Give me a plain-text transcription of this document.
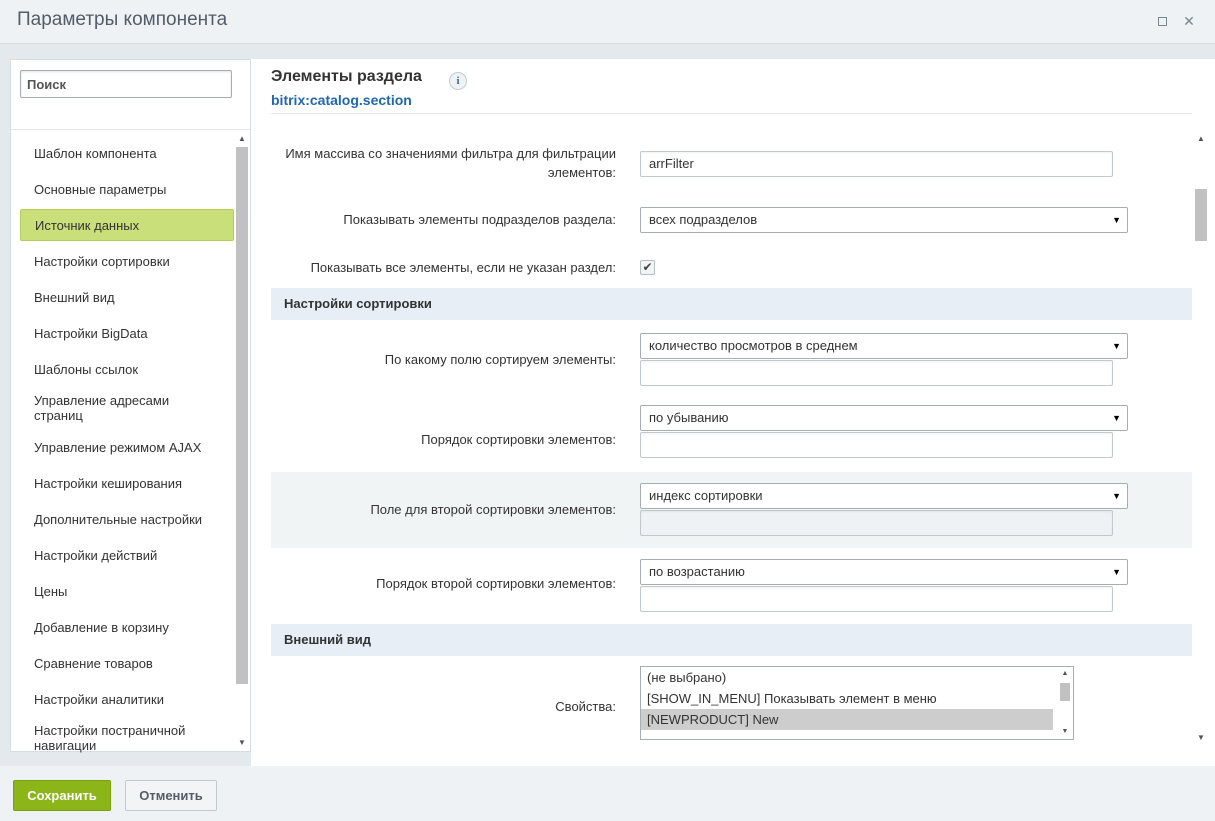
Параметры компонента	✕
Поиск
Шаблон компонента
Основные параметры
Источник данных
Настройки сортировки
Внешний вид
Настройки BigData
Шаблоны ссылок
Управление адресами страниц
Управление режимом AJAX
Настройки кеширования
Дополнительные настройки
Настройки действий
Цены
Добавление в корзину
Сравнение товаров
Настройки аналитики
Настройки постраничной навигации
▲
▼
Элементы раздела	i
bitrix:catalog.section
Имя массива со значениями фильтра для фильтрации элементов:
arrFilter
Показывать элементы подразделов раздела:	всех подразделов	▼
Показывать все элементы, если не указан раздел: ✔
Настройки сортировки
По какому полю сортируем элементы:
количество просмотров в среднем	▼
Порядок сортировки элементов:
по убыванию	▼
Поле для второй сортировки элементов:
индекс сортировки	▼
Порядок второй сортировки элементов:
по возрастанию	▼
Внешний вид
Свойства:
(не выбрано)
[SHOW_IN_MENU] Показывать элемент в меню
[NEWPRODUCT] New
▲
▼
▲
▼
Сохранить	Отменить
